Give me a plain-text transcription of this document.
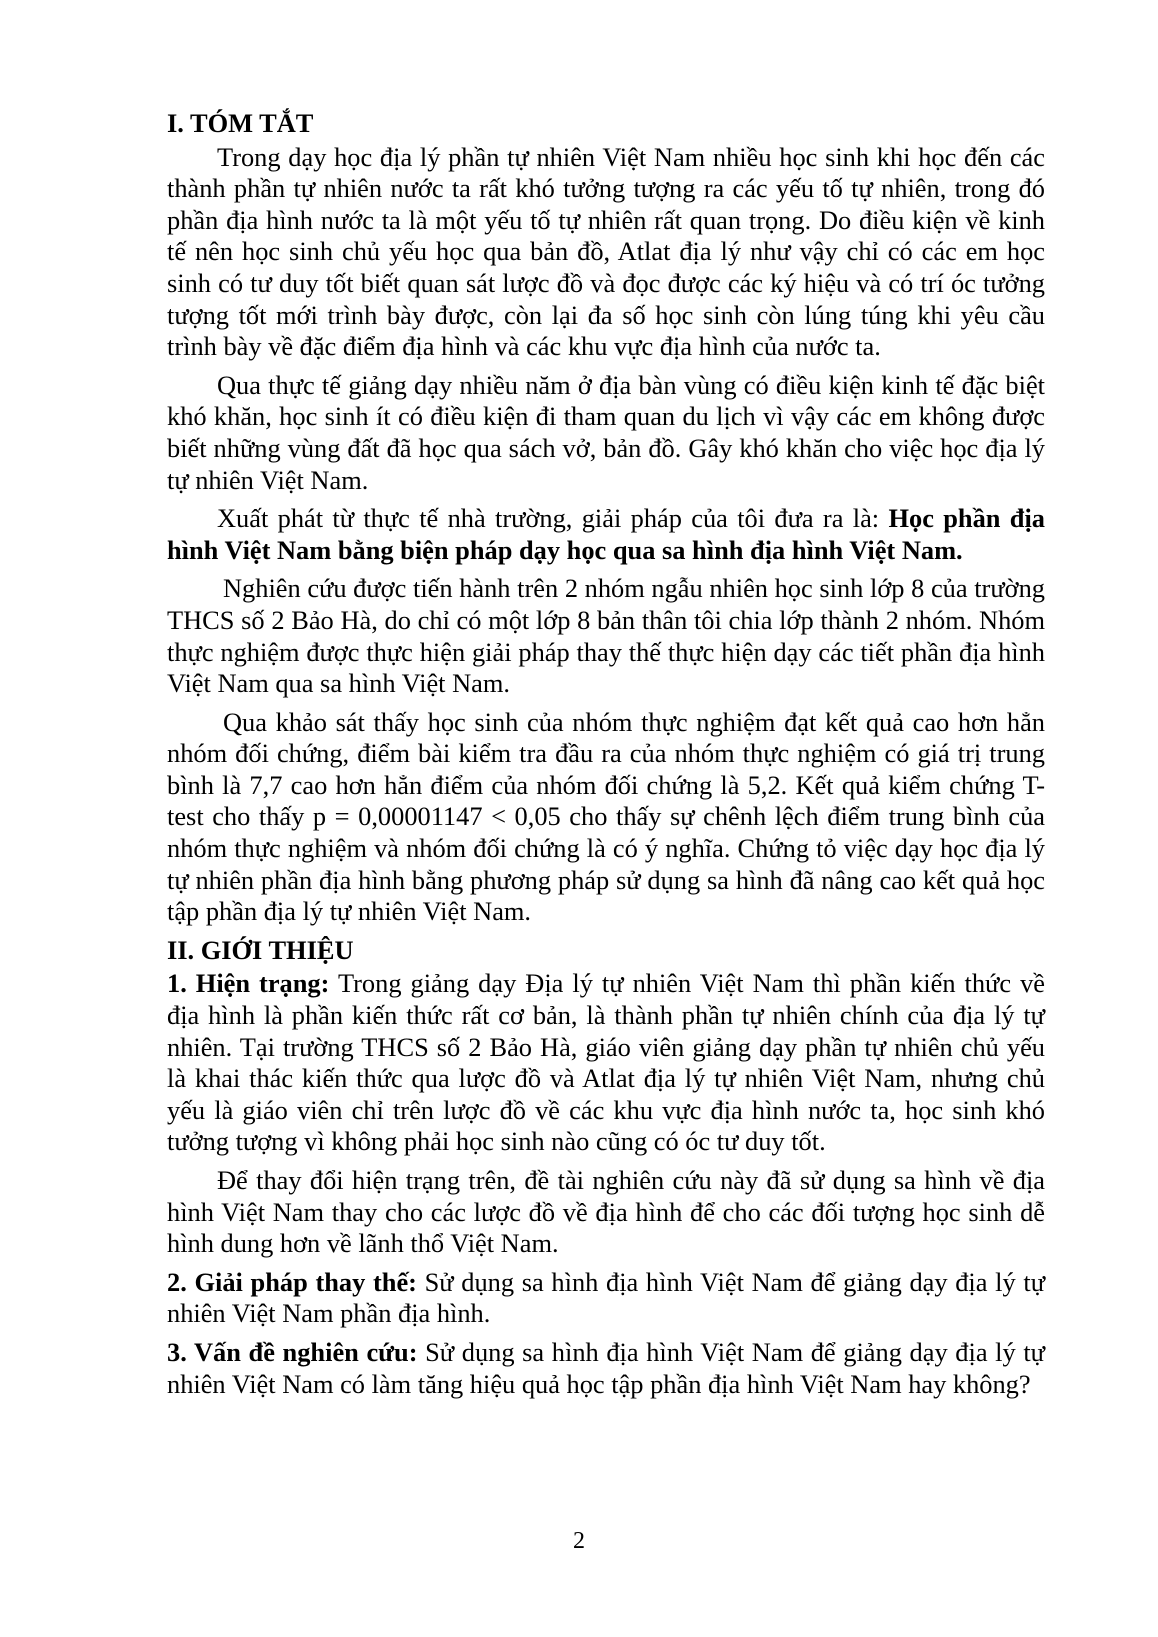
I. TÓM TẮT

Trong dạy học địa lý phần tự nhiên Việt Nam nhiều học sinh khi học đến các thành phần tự nhiên nước ta rất khó tưởng tượng ra các yếu tố tự nhiên, trong đó phần địa hình nước ta là một yếu tố tự nhiên rất quan trọng. Do điều kiện về kinh tế nên học sinh chủ yếu học qua bản đồ, Atlat địa lý như vậy chỉ có các em học sinh có tư duy tốt biết quan sát lược đồ và đọc được các ký hiệu và có trí óc tưởng tượng tốt mới trình bày được, còn lại đa số học sinh còn lúng túng khi yêu cầu trình bày về đặc điểm địa hình và các khu vực địa hình của nước ta.

Qua thực tế giảng dạy nhiều năm ở địa bàn vùng có điều kiện kinh tế đặc biệt khó khăn, học sinh ít có điều kiện đi tham quan du lịch vì vậy các em không được biết những vùng đất đã học qua sách vở, bản đồ. Gây khó khăn cho việc học địa lý tự nhiên Việt Nam.

Xuất phát từ thực tế nhà trường, giải pháp của tôi đưa ra là: Học phần địa hình Việt Nam bằng biện pháp dạy học qua sa hình địa hình Việt Nam.

Nghiên cứu được tiến hành trên 2 nhóm ngẫu nhiên học sinh lớp 8 của trường THCS số 2 Bảo Hà, do chỉ có một lớp 8 bản thân tôi chia lớp thành 2 nhóm. Nhóm thực nghiệm được thực hiện giải pháp thay thế thực hiện dạy các tiết phần địa hình Việt Nam qua sa hình Việt Nam.

Qua khảo sát thấy học sinh của nhóm thực nghiệm đạt kết quả cao hơn hẳn nhóm đối chứng, điểm bài kiểm tra đầu ra của nhóm thực nghiệm có giá trị trung bình là 7,7 cao hơn hẳn điểm của nhóm đối chứng là 5,2. Kết quả kiểm chứng T-test cho thấy p = 0,00001147 < 0,05 cho thấy sự chênh lệch điểm trung bình của nhóm thực nghiệm và nhóm đối chứng là có ý nghĩa. Chứng tỏ việc dạy học địa lý tự nhiên phần địa hình bằng phương pháp sử dụng sa hình đã nâng cao kết quả học tập phần địa lý tự nhiên Việt Nam.

II. GIỚI THIỆU

1. Hiện trạng: Trong giảng dạy Địa lý tự nhiên Việt Nam thì phần kiến thức về địa hình là phần kiến thức rất cơ bản, là thành phần tự nhiên chính của địa lý tự nhiên. Tại trường THCS số 2 Bảo Hà, giáo viên giảng dạy phần tự nhiên chủ yếu là khai thác kiến thức qua lược đồ và Atlat địa lý tự nhiên Việt Nam, nhưng chủ yếu là giáo viên chỉ trên lược đồ về các khu vực địa hình nước ta, học sinh khó tưởng tượng vì không phải học sinh nào cũng có óc tư duy tốt.

Để thay đổi hiện trạng trên, đề tài nghiên cứu này đã sử dụng sa hình về địa hình Việt Nam thay cho các lược đồ về địa hình để cho các đối tượng học sinh dễ hình dung hơn về lãnh thổ Việt Nam.

2. Giải pháp thay thế: Sử dụng sa hình địa hình Việt Nam để giảng dạy địa lý tự nhiên Việt Nam phần địa hình.

3. Vấn đề nghiên cứu: Sử dụng sa hình địa hình Việt Nam để giảng dạy địa lý tự nhiên Việt Nam có làm tăng hiệu quả học tập phần địa hình Việt Nam hay không?

2
